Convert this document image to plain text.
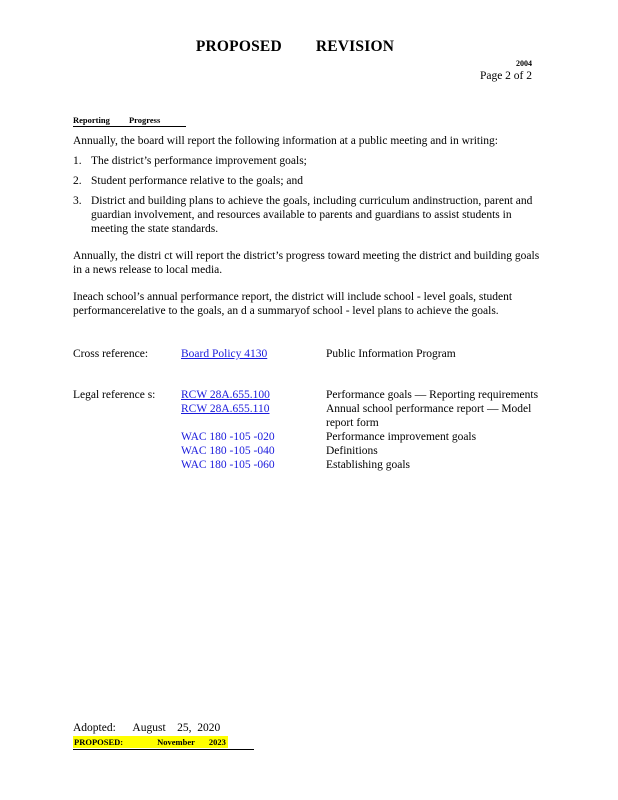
PROPOSED REVISION
2004
Page 2 of 2
Reporting         Progress
Annually, the board will report the following information at a public meeting and in writing:
1. The district’s performance improvement goals;
2. Student performance relative to the goals; and
3. District and building plans to achieve the goals, including curriculum andinstruction, parent and guardian involvement, and resources available to parents and guardians to assist students in meeting the state standards.
Annually, the distri ct will report the district’s progress toward meeting the district and building goals in a news release to local media.
Ineach school’s annual performance report, the district will include school - level goals, student performancerelative to the goals, an d a summaryof school - level plans to achieve the goals.
Cross reference:	Board Policy 4130	Public Information Program
Legal reference s: RCW 28A.655.100	Performance goals — Reporting requirements
RCW 28A.655.110	Annual school performance report — Model report form
WAC 180 -105 -020	Performance improvement goals
WAC 180 -105 -040	Definitions
WAC 180 -105 -060	Establishing goals
Adopted:      August    25,  2020
PROPOSED:	November 2023
